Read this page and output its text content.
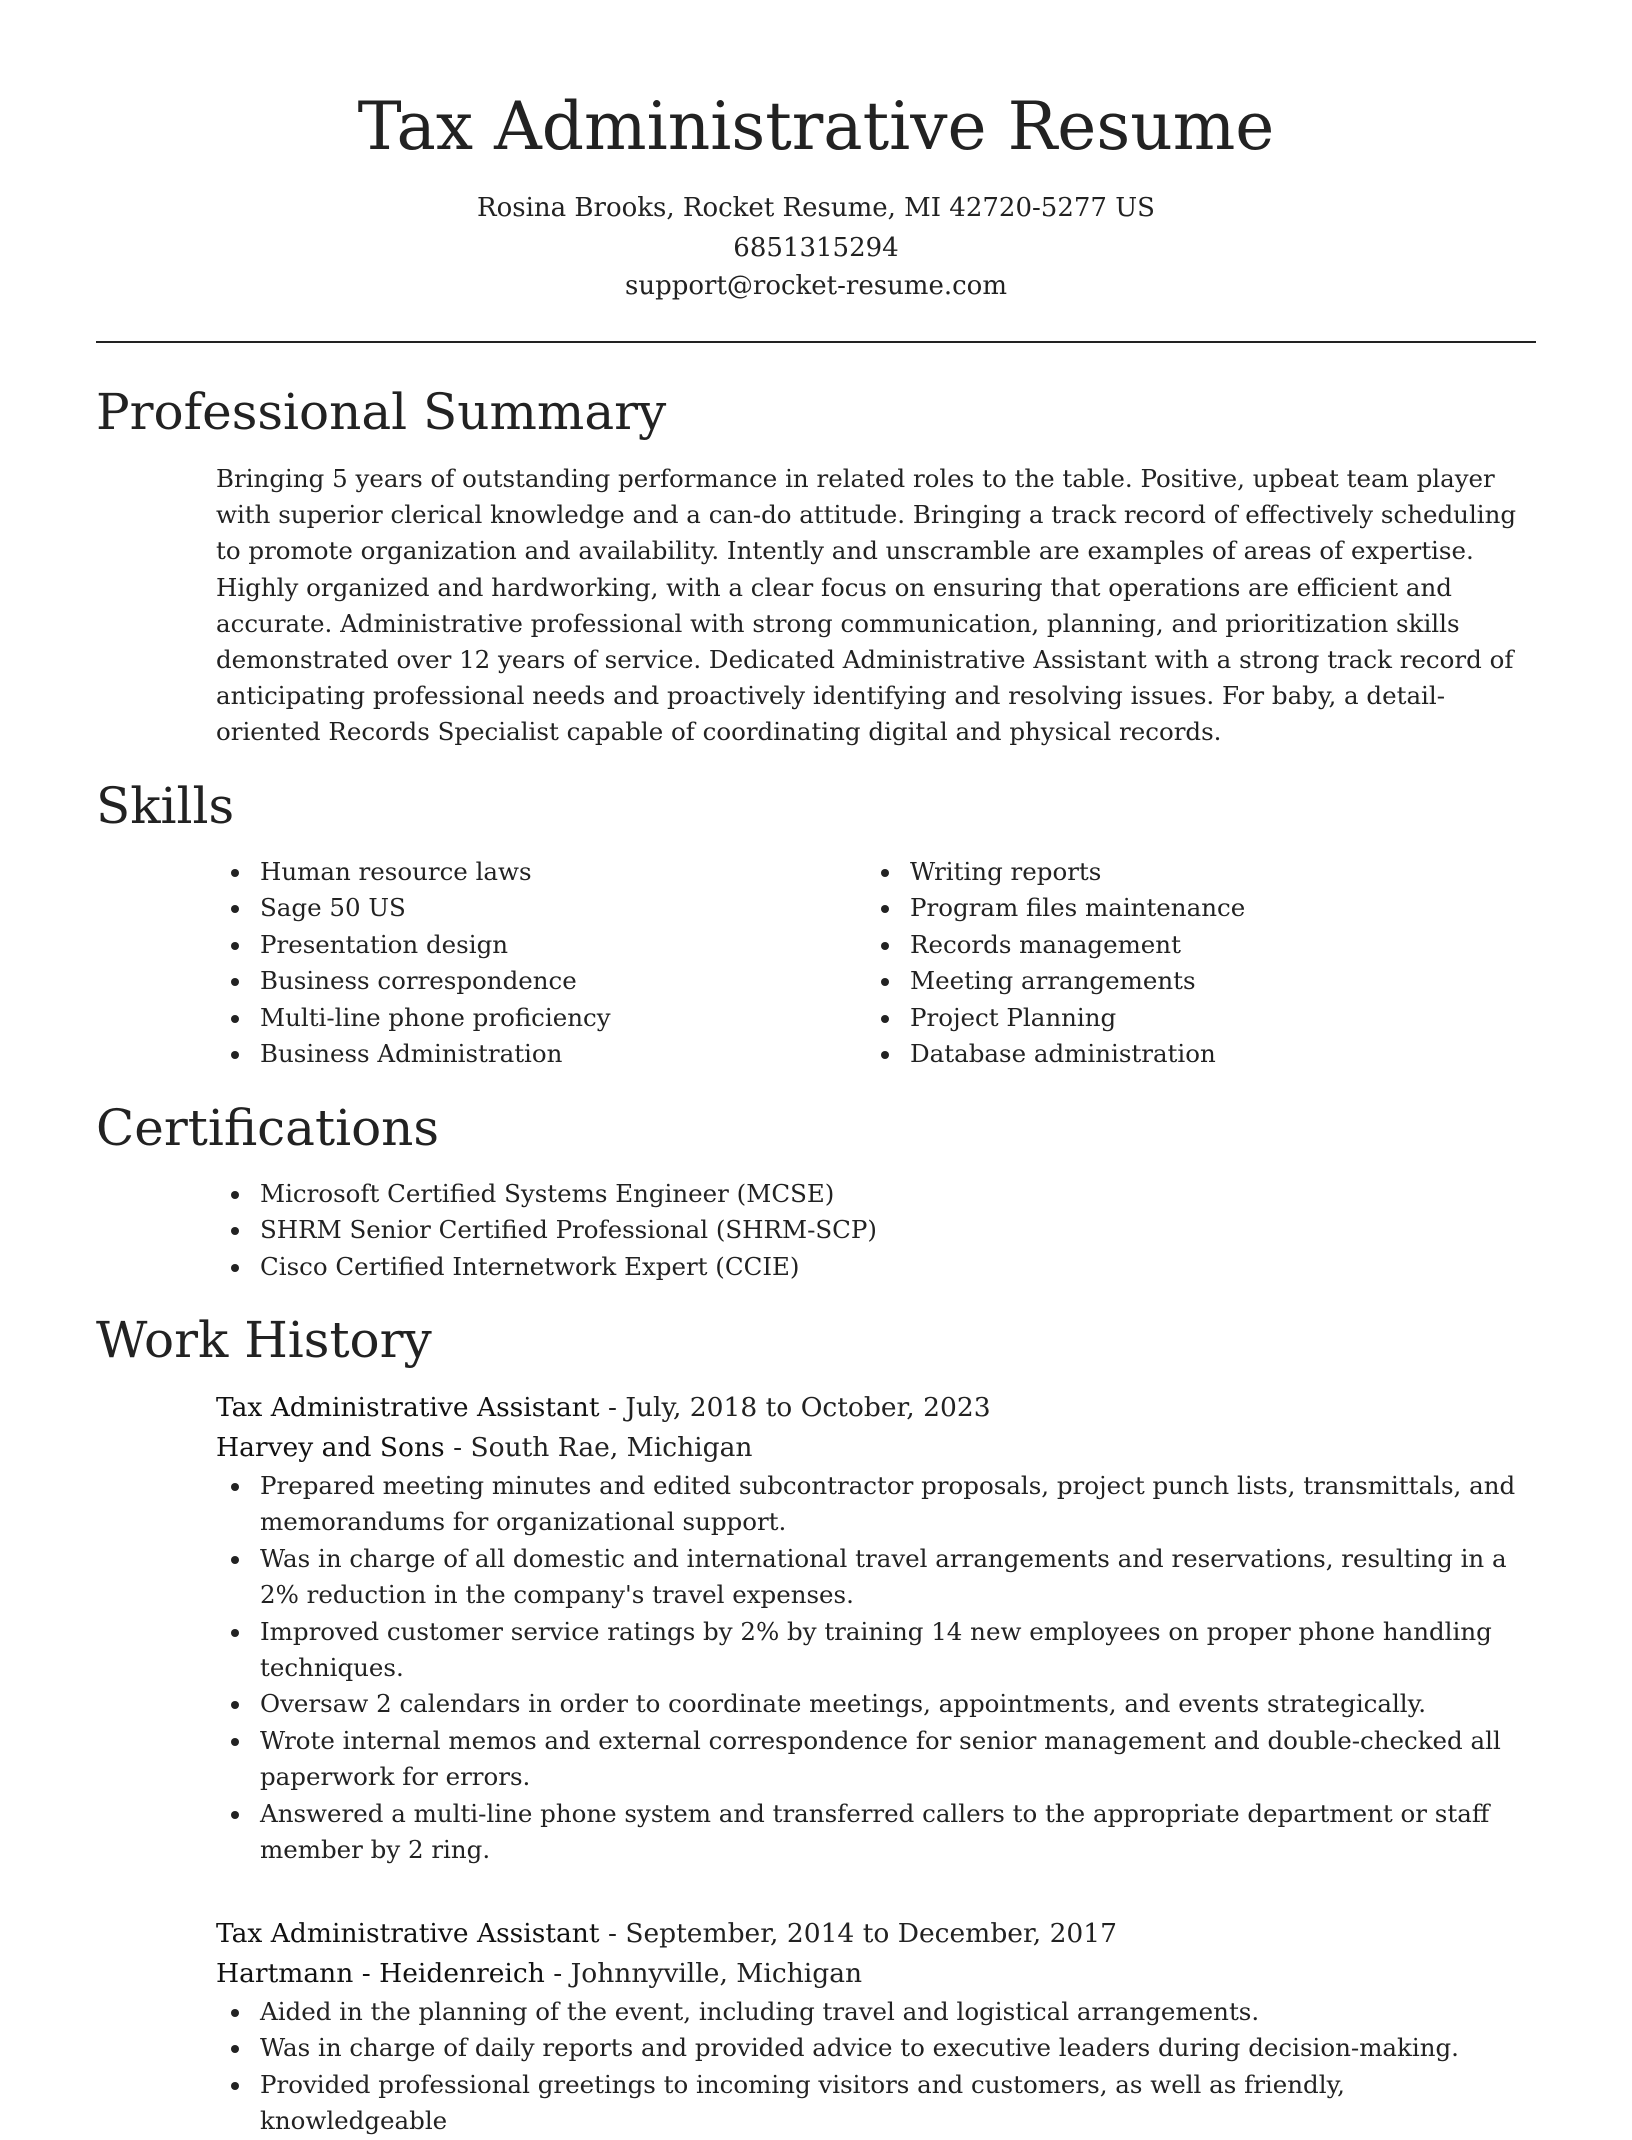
Tax Administrative Resume
Rosina Brooks, Rocket Resume, MI 42720-5277 US
6851315294
support@rocket-resume.com
Professional Summary
Bringing 5 years of outstanding performance in related roles to the table. Positive, upbeat team player with superior clerical knowledge and a can-do attitude. Bringing a track record of effectively scheduling to promote organization and availability. Intently and unscramble are examples of areas of expertise. Highly organized and hardworking, with a clear focus on ensuring that operations are efficient and accurate. Administrative professional with strong communication, planning, and prioritization skills demonstrated over 12 years of service. Dedicated Administrative Assistant with a strong track record of anticipating professional needs and proactively identifying and resolving issues. For baby, a detail-oriented Records Specialist capable of coordinating digital and physical records.
Skills
Human resource laws
Sage 50 US
Presentation design
Business correspondence
Multi-line phone proficiency
Business Administration
Writing reports
Program files maintenance
Records management
Meeting arrangements
Project Planning
Database administration
Certifications
Microsoft Certified Systems Engineer (MCSE)
SHRM Senior Certified Professional (SHRM-SCP)
Cisco Certified Internetwork Expert (CCIE)
Work History
Tax Administrative Assistant - July, 2018 to October, 2023
Harvey and Sons - South Rae, Michigan
Prepared meeting minutes and edited subcontractor proposals, project punch lists, transmittals, and memorandums for organizational support.
Was in charge of all domestic and international travel arrangements and reservations, resulting in a 2% reduction in the company's travel expenses.
Improved customer service ratings by 2% by training 14 new employees on proper phone handling techniques.
Oversaw 2 calendars in order to coordinate meetings, appointments, and events strategically.
Wrote internal memos and external correspondence for senior management and double-checked all paperwork for errors.
Answered a multi-line phone system and transferred callers to the appropriate department or staff member by 2 ring.
Tax Administrative Assistant - September, 2014 to December, 2017
Hartmann - Heidenreich - Johnnyville, Michigan
Aided in the planning of the event, including travel and logistical arrangements.
Was in charge of daily reports and provided advice to executive leaders during decision-making.
Provided professional greetings to incoming visitors and customers, as well as friendly, knowledgeable
